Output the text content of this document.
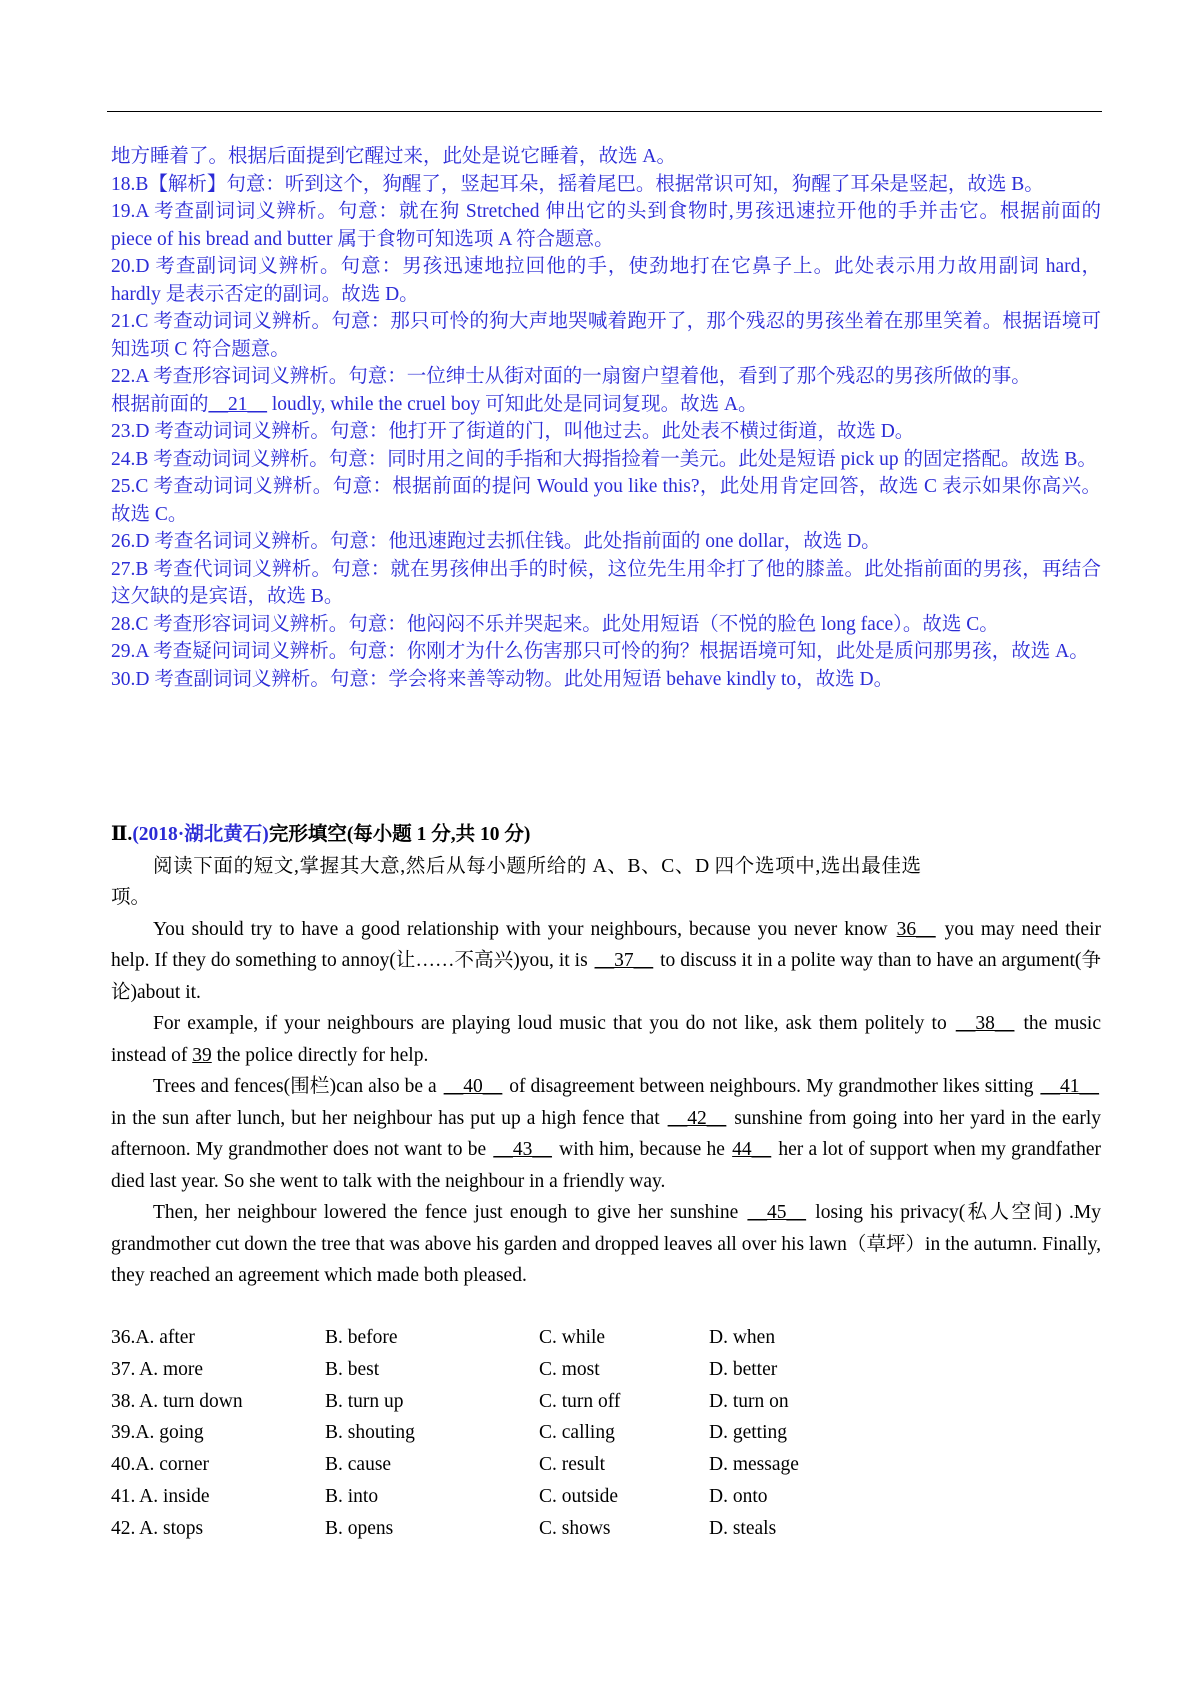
地方睡着了。根据后面提到它醒过来，此处是说它睡着，故选 A。

18.B【解析】句意：听到这个，狗醒了，竖起耳朵，摇着尾巴。根据常识可知，狗醒了耳朵是竖起，故选 B。

19.A 考查副词词义辨析。句意：就在狗 Stretched 伸出它的头到食物时,男孩迅速拉开他的手并击它。根据前面的 piece of his bread and butter 属于食物可知选项 A 符合题意。

20.D 考查副词词义辨析。句意：男孩迅速地拉回他的手，使劲地打在它鼻子上。此处表示用力故用副词 hard，hardly 是表示否定的副词。故选 D。

21.C 考查动词词义辨析。句意：那只可怜的狗大声地哭喊着跑开了，那个残忍的男孩坐着在那里笑着。根据语境可知选项 C 符合题意。

22.A 考查形容词词义辨析。句意：一位绅士从街对面的一扇窗户望着他，看到了那个残忍的男孩所做的事。

根据前面的__21__ loudly, while the cruel boy 可知此处是同词复现。故选 A。

23.D 考查动词词义辨析。句意：他打开了街道的门，叫他过去。此处表不横过街道，故选 D。

24.B 考查动词词义辨析。句意：同时用之间的手指和大拇指捡着一美元。此处是短语 pick up 的固定搭配。故选 B。

25.C 考查动词词义辨析。句意：根据前面的提问 Would you like this?，此处用肯定回答，故选 C 表示如果你高兴。故选 C。

26.D 考查名词词义辨析。句意：他迅速跑过去抓住钱。此处指前面的 one dollar，故选 D。

27.B 考查代词词义辨析。句意：就在男孩伸出手的时候，这位先生用伞打了他的膝盖。此处指前面的男孩，再结合这欠缺的是宾语，故选 B。

28.C 考查形容词词义辨析。句意：他闷闷不乐并哭起来。此处用短语（不悦的脸色 long face）。故选 C。

29.A 考查疑问词词义辨析。句意：你刚才为什么伤害那只可怜的狗？根据语境可知，此处是质问那男孩，故选 A。

30.D 考查副词词义辨析。句意：学会将来善等动物。此处用短语 behave kindly to，故选 D。

Ⅱ.(2018·湖北黄石)完形填空(每小题 1 分,共 10 分)

阅读下面的短文,掌握其大意,然后从每小题所给的 A、B、C、D 四个选项中,选出最佳选项。

You should try to have a good relationship with your neighbours, because you never know 36__ you may need their help. If they do something to annoy(让……不高兴)you, it is __37__ to discuss it in a polite way than to have an argument(争论)about it.

For example, if your neighbours are playing loud music that you do not like, ask them politely to __38__ the music instead of 39 the police directly for help.

Trees and fences(围栏)can also be a __40__ of disagreement between neighbours. My grandmother likes sitting __41__ in the sun after lunch, but her neighbour has put up a high fence that __42__ sunshine from going into her yard in the early afternoon. My grandmother does not want to be __43__ with him, because he 44__ her a lot of support when my grandfather died last year. So she went to talk with the neighbour in a friendly way.

Then, her neighbour lowered the fence just enough to give her sunshine __45__ losing his privacy(私人空间) .My grandmother cut down the tree that was above his garden and dropped leaves all over his lawn（草坪）in the autumn. Finally, they reached an agreement which made both pleased.

36.A. after	B. before	C. while	D. when
37. A. more	B. best	C. most	D. better
38. A. turn down	B. turn up	C. turn off	D. turn on
39.A. going	B. shouting	C. calling	D. getting
40.A. corner	B. cause	C. result	D. message
41. A. inside	B. into	C. outside	D. onto
42. A. stops	B. opens	C. shows	D. steals
